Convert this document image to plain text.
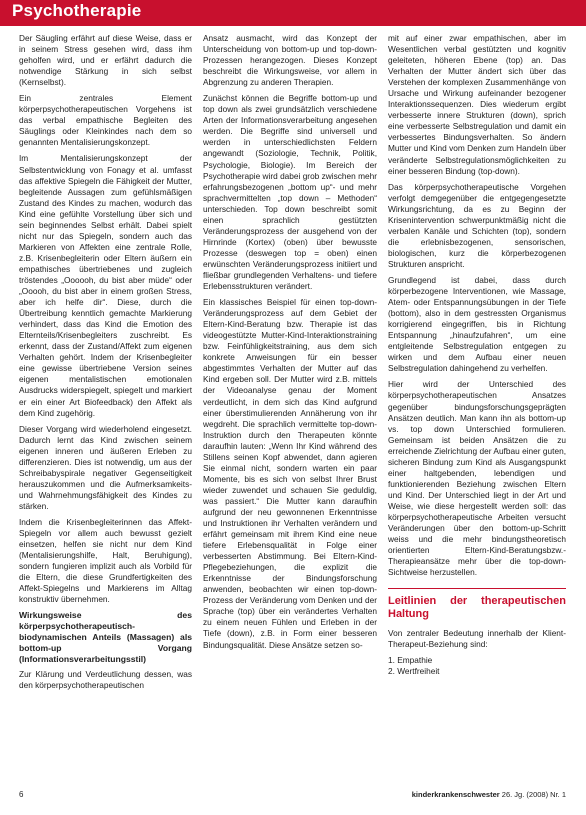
Psychotherapie

Der Säugling erfährt auf diese Weise, dass er in seinem Stress gesehen wird, dass ihm geholfen wird, und er erfährt dadurch die notwendige Stärkung in sich selbst (Kernselbst).

Ein zentrales Element körperpsychotherapeutischen Vorgehens ist das verbal empathische Begleiten des Säuglings oder Kleinkindes nach dem so genannten Mentalisierungskonzept.

Im Mentalisierungskonzept der Selbstentwicklung von Fonagy et al. umfasst das affektive Spiegeln die Fähigkeit der Mutter, begleitende Aussagen zum gefühlsmäßigen Zustand des Kindes zu machen, wodurch das Kind eine gefühlte Vorstellung über sich und sein beginnendes Selbst erhält. Dabei spielt nicht nur das Spiegeln, sondern auch das Markieren von Affekten eine zentrale Rolle, z.B. Krisenbegleiterin oder Eltern äußern ein empathisches übertriebenes und zugleich tröstendes „Oooooh, du bist aber müde“ oder „Ooooh, du bist aber in einem großen Stress, aber ich helfe dir“. Diese, durch die Übertreibung kenntlich gemachte Markierung verhindert, dass das Kind die Emotion des Elternteils/Krisenbegleiters zuschreibt. Es erkennt, dass der Zustand/Affekt zum eigenen Verhalten gehört. Indem der Krisenbegleiter eine gewisse übertriebene Version seines eigenen mentalistischen emotionalen Ausdrucks widerspiegelt, spiegelt und markiert er ein einer Art Biofeedback) den Affekt als dem Kind zugehörig.

Dieser Vorgang wird wiederholend eingesetzt. Dadurch lernt das Kind zwischen seinem eigenen inneren und äußeren Erleben zu differenzieren. Dies ist notwendig, um aus der Schreibabyspirale negativer Gegenseitigkeit herauszukommen und die Aufmerksamkeits- und Wahrnehmungsfähigkeit des Kindes zu stärken.

Indem die Krisenbegleiterinnen das Affekt-Spiegeln vor allem auch bewusst gezielt einsetzen, helfen sie nicht nur dem Kind (Mentalisierungshilfe, Halt, Beruhigung), sondern fungieren implizit auch als Vorbild für die Eltern, die diese Grundfertigkeiten des Affekt-Spiegelns und Markierens im Alltag konstruktiv übernehmen.

Wirkungsweise des körperpsychotherapeutisch-biodynamischen Anteils (Massagen) als bottom-up Vorgang (Informationsverarbeitungsstil)

Zur Klärung und Verdeutlichung dessen, was den körperpsychotherapeutischen

Ansatz ausmacht, wird das Konzept der Unterscheidung von bottom-up und top-down-Prozessen herangezogen. Dieses Konzept beschreibt die Wirkungsweise, vor allem in Abgrenzung zu anderen Therapien.

Zunächst können die Begriffe bottom-up und top down als zwei grundsätzlich verschiedene Arten der Informationsverarbeitung angesehen werden. Die Begriffe sind universell und werden in unterschiedlichsten Feldern angewandt (Soziologie, Technik, Politik, Psychologie, Biologie). Im Bereich der Psychotherapie wird dabei grob zwischen mehr erfahrungsbezogenen „bottom up“- und mehr sprachvermittelten „top down – Methoden“ unterschieden. Top down beschreibt somit einen sprachlich gestützten Veränderungsprozess der ausgehend von der Hirnrinde (Kortex) (oben) über bewusste Prozesse (deswegen top = oben) einen erwünschten Veränderungsprozess initiiert und fließbar grundlegenden Verhaltens- und tiefere Erlebensstrukturen verändert.

Ein klassisches Beispiel für einen top-down-Veränderungsprozess auf dem Gebiet der Eltern-Kind-Beratung bzw. Therapie ist das videogestützte Mutter-Kind-Interaktionstraining bzw. Feinfühligkeitstraining, aus dem sich konkrete Anweisungen für ein besser abgestimmtes Verhalten der Mutter auf das Kind ergeben soll. Der Mutter wird z.B. mittels der Videoanalyse genau der Moment verdeutlicht, in dem sich das Kind aufgrund einer überstimulierenden Annäherung von ihr wegdreht. Die sprachlich vermittelte top-down-Instruktion durch den Therapeuten könnte daraufhin lauten: „Wenn Ihr Kind während des Stillens seinen Kopf abwendet, dann agieren Sie einmal nicht, sondern warten ein paar Momente, bis es sich von selbst Ihrer Brust wieder zuwendet und schauen Sie geduldig, was passiert.“ Die Mutter kann daraufhin aufgrund der neu gewonnenen Erkenntnisse und Instruktionen ihr Verhalten verändern und erfährt gemeinsam mit ihrem Kind eine neue tiefere Erlebensqualität in Folge einer verbesserten Abstimmung. Bei Eltern-Kind-Pflegebeziehungen, die explizit die Erkenntnisse der Bindungsforschung anwenden, beobachten wir einen top-down-Prozess der Veränderung vom Denken und der Sprache (top) über ein verändertes Verhalten zu einem neuen Fühlen und Erleben in der Tiefe (down), z.B. in Form einer besseren Bindungsqualität. Diese Ansätze setzen so-

mit auf einer zwar empathischen, aber im Wesentlichen verbal gestützten und kognitiv geleiteten, höheren Ebene (top) an. Das Verhalten der Mutter ändert sich über das Verstehen der komplexen Zusammenhänge von Ursache und Wirkung aufeinander bezogener Interaktionssequenzen. Dies wiederum ergibt verbesserte innere Strukturen (down), sprich eine verbesserte Selbstregulation und damit ein verbessertes Bindungsverhalten. So ändern Mutter und Kind vom Denken zum Handeln über veränderte Selbstregulationsmöglichkeiten zu einer besseren Bindung (top-down).

Das körperpsychotherapeutische Vorgehen verfolgt demgegenüber die entgegengesetzte Wirkungsrichtung, da es zu Beginn der Krisenintervention schwerpunktmäßig nicht die verbalen Kanäle und Schichten (top), sondern die erlebnisbezogenen, sensorischen, biologischen, kurz die körperbezogenen Strukturen anspricht.

Grundlegend ist dabei, dass durch körperbezogene Interventionen, wie Massage, Atem- oder Entspannungsübungen in der Tiefe (bottom), also in dem gestressten Organismus korrigierend eingegriffen, bis in Richtung Entspannung „hinaufzufahren“, um eine entgleitende Selbstregulation entgegen zu wirken und dem Aufbau einer neuen Selbstregulation dahingehend zu verhelfen.

Hier wird der Unterschied des körperpsychotherapeutischen Ansatzes gegenüber bindungsforschungsgeprägten Ansätzen deutlich. Man kann ihn als bottom-up vs. top down Unterschied formulieren. Gemeinsam ist beiden Ansätzen die zu erreichende Zielrichtung der Aufbau einer guten, sicheren Bindung zum Kind als Ausgangspunkt einer haltgebenden, lebendigen und funktionierenden Beziehung zwischen Eltern und Kind. Der Unterschied liegt in der Art und Weise, wie diese hergestellt werden soll: das körperpsychotherapeutische Arbeiten versucht Veränderungen über den bottom-up-Schritt weiss und die mehr bindungstheoretisch orientierten Eltern-Kind-Beratungsbzw.-Therapieansätze mehr über die top-down-Sichtweise herzustellen.

Leitlinien der therapeutischen Haltung

Von zentraler Bedeutung innerhalb der Klient-Therapeut-Beziehung sind:

1. Empathie
2. Wertfreiheit
6	kinderkrankenschwester 26. Jg. (2008) Nr. 1
